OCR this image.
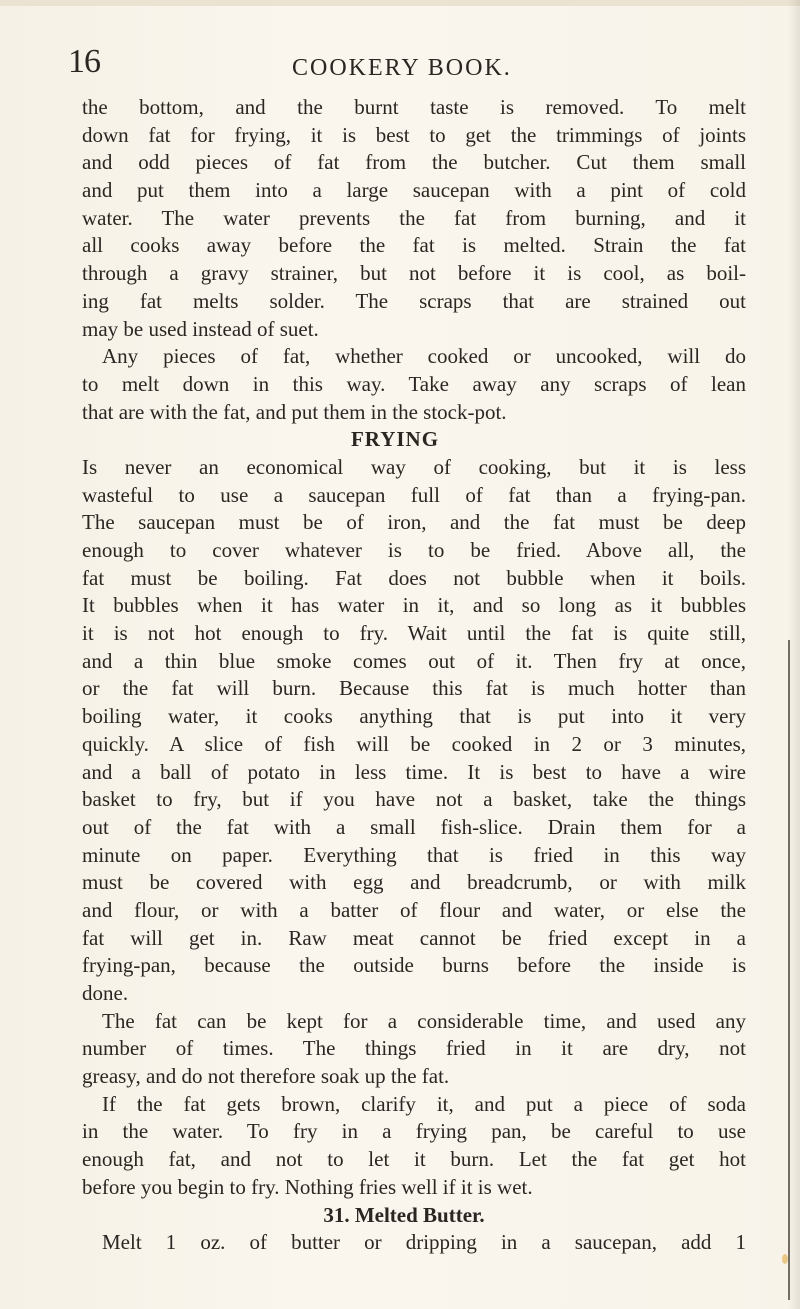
16	COOKERY BOOK.
the bottom, and the burnt taste is removed. To melt
down fat for frying, it is best to get the trimmings of joints
and odd pieces of fat from the butcher. Cut them small
and put them into a large saucepan with a pint of cold
water. The water prevents the fat from burning, and it
all cooks away before the fat is melted. Strain the fat
through a gravy strainer, but not before it is cool, as boil-
ing fat melts solder. The scraps that are strained out
may be used instead of suet.
Any pieces of fat, whether cooked or uncooked, will do
to melt down in this way. Take away any scraps of lean
that are with the fat, and put them in the stock-pot.
FRYING
Is never an economical way of cooking, but it is less
wasteful to use a saucepan full of fat than a frying-pan.
The saucepan must be of iron, and the fat must be deep
enough to cover whatever is to be fried. Above all, the
fat must be boiling. Fat does not bubble when it boils.
It bubbles when it has water in it, and so long as it bubbles
it is not hot enough to fry. Wait until the fat is quite still,
and a thin blue smoke comes out of it. Then fry at once,
or the fat will burn. Because this fat is much hotter than
boiling water, it cooks anything that is put into it very
quickly. A slice of fish will be cooked in 2 or 3 minutes,
and a ball of potato in less time. It is best to have a wire
basket to fry, but if you have not a basket, take the things
out of the fat with a small fish-slice. Drain them for a
minute on paper. Everything that is fried in this way
must be covered with egg and breadcrumb, or with milk
and flour, or with a batter of flour and water, or else the
fat will get in. Raw meat cannot be fried except in a
frying-pan, because the outside burns before the inside is
done.
The fat can be kept for a considerable time, and used any
number of times. The things fried in it are dry, not
greasy, and do not therefore soak up the fat.
If the fat gets brown, clarify it, and put a piece of soda
in the water. To fry in a frying pan, be careful to use
enough fat, and not to let it burn. Let the fat get hot
before you begin to fry. Nothing fries well if it is wet.
31. Melted Butter.
Melt 1 oz. of butter or dripping in a saucepan, add 1
